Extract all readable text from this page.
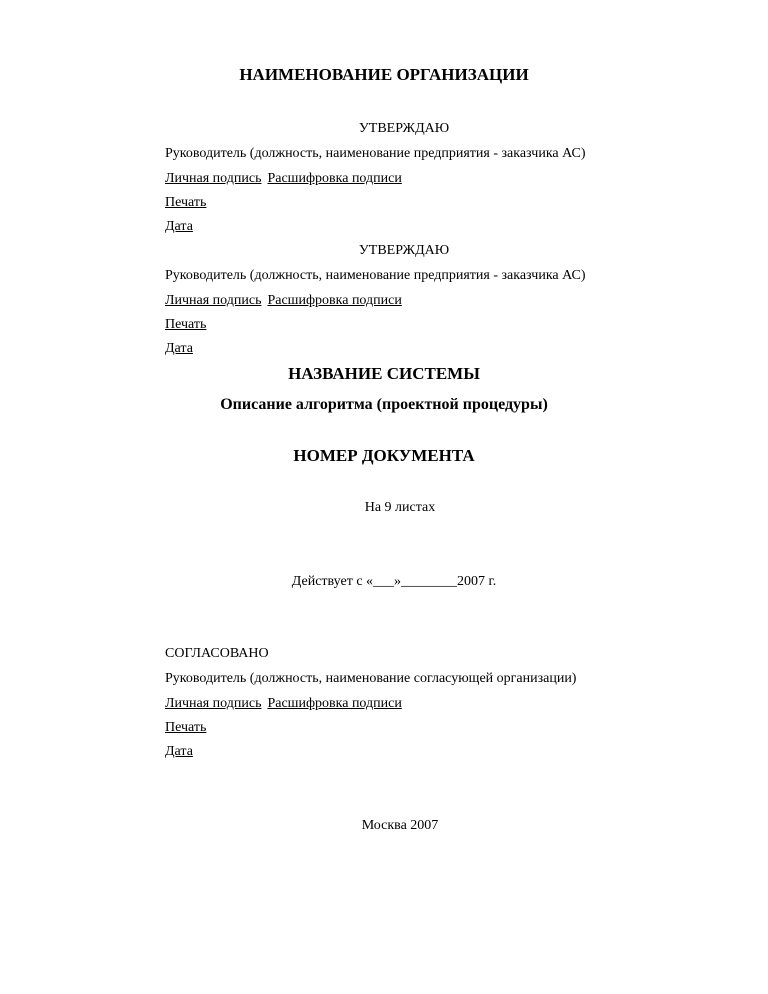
НАИМЕНОВАНИЕ ОРГАНИЗАЦИИ
УТВЕРЖДАЮ
Руководитель (должность, наименование предприятия - заказчика АС)
Личная подпись Расшифровка подписи
Печать
Дата
УТВЕРЖДАЮ
Руководитель (должность, наименование предприятия - заказчика АС)
Личная подпись Расшифровка подписи
Печать
Дата
НАЗВАНИЕ СИСТЕМЫ
Описание алгоритма (проектной процедуры)
НОМЕР ДОКУМЕНТА
На 9 листах
Действует с «___»________2007 г.
СОГЛАСОВАНО
Руководитель (должность, наименование согласующей организации)
Личная подпись Расшифровка подписи
Печать
Дата
Москва 2007
